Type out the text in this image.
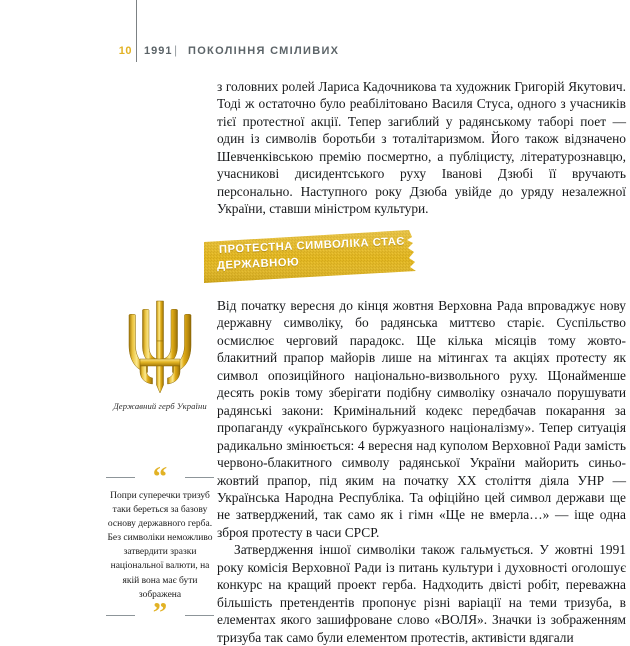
10 1991 | ПОКОЛІННЯ СМІЛИВИХ

з головних ролей Лариса Кадочникова та художник Григорій Якутович. Тоді ж остаточно було реабілітовано Василя Стуса, одного з учасників тієї протестної акції. Тепер загиблий у радянському таборі поет — один із символів боротьби з тоталітаризмом. Його також відзначено Шевченківською премію посмертно, а публіцисту, літературознавцю, учасникові дисидентського руху Іванові Дзюбі її вручають персонально. Наступного року Дзюба увійде до уряду незалежної України, ставши міністром культури.

ПРОТЕСТНА СИМВОЛІКА СТАЄ
ДЕРЖАВНОЮ

Від початку вересня до кінця жовтня Верховна Рада впроваджує нову державну символіку, бо радянська миттєво старіє. Суспільство осмислює черговий парадокс. Ще кілька місяців тому жовто-блакитний прапор майорів лише на мітингах та акціях протесту як символ опозиційного національно-визвольного руху. Щонайменше десять років тому зберігати подібну символіку означало порушувати радянські закони: Кримінальний кодекс передбачав покарання за пропаганду «українського буржуазного націоналізму». Тепер ситуація радикально змінюється: 4 вересня над куполом Верховної Ради замість червоно-блакитного символу радянської України майорить синьо-жовтий прапор, під яким на початку XX століття діяла УНР — Українська Народна Республіка. Та офіційно цей символ держави ще не затверджений, так само як і гімн «Ще не вмерла…» — іще одна зброя протесту в часи СРСР.

Затвердження іншої символіки також гальмується. У жовтні 1991 року комісія Верховної Ради із питань культури і духовності оголошує конкурс на кращий проект герба. Надходить двісті робіт, переважна більшість претендентів пропонує різні варіації на теми тризуба, в елементах якого зашифроване слово «ВОЛЯ». Значки із зображенням тризуба так само були елементом протестів, активісти вдягали

Державний герб України
“

Попри суперечки тризуб таки береться за базову основу державного герба. Без символіки неможливо затвердити зразки національної валюти, на якій вона має бути зображена

”
